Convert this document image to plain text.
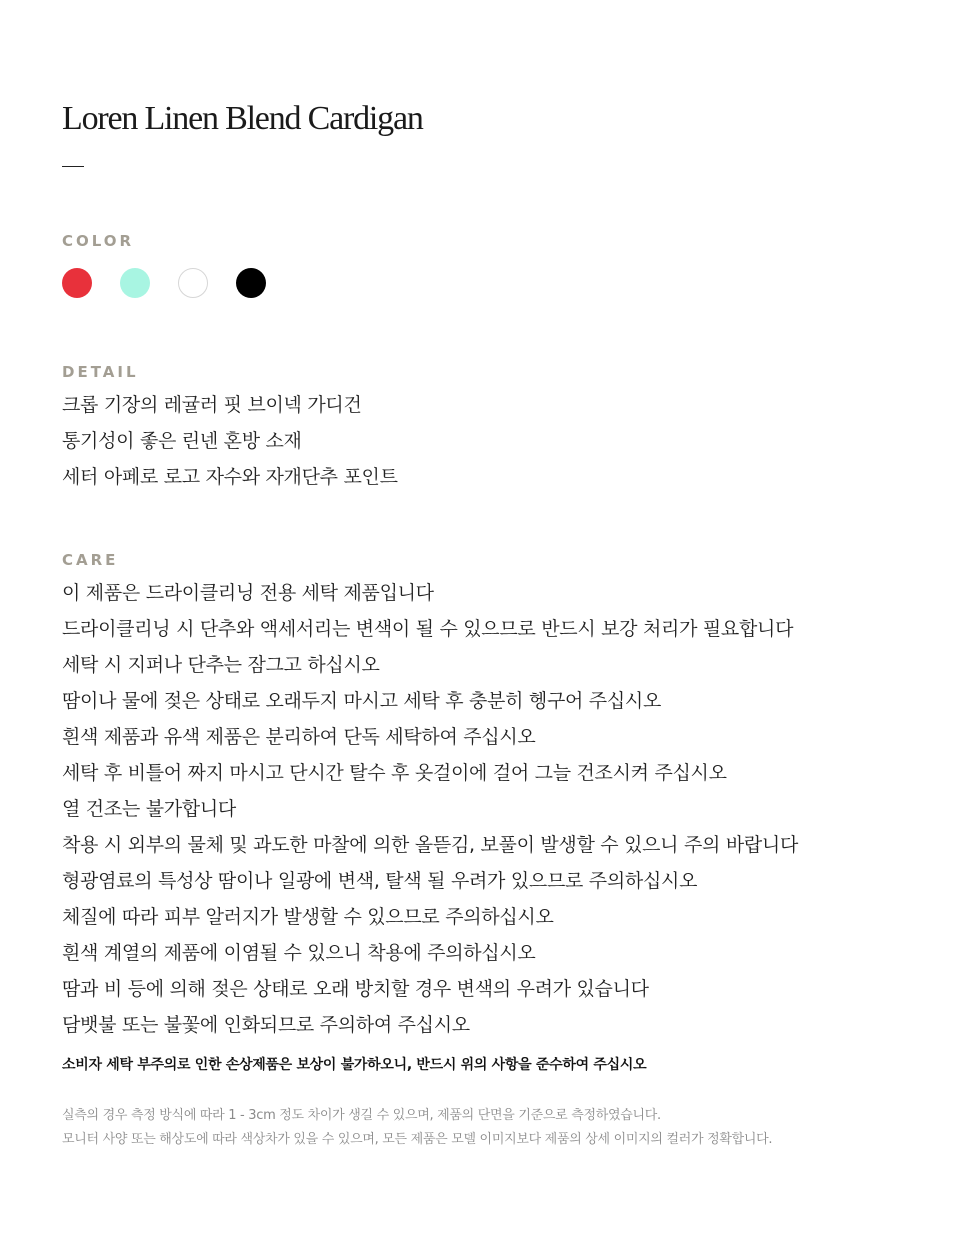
Loren Linen Blend Cardigan
COLOR
DETAIL
크롭 기장의 레귤러 핏 브이넥 가디건
통기성이 좋은 린넨 혼방 소재
세터 아페로 로고 자수와 자개단추 포인트
CARE
이 제품은 드라이클리닝 전용 세탁 제품입니다
드라이클리닝 시 단추와 액세서리는 변색이 될 수 있으므로 반드시 보강 처리가 필요합니다
세탁 시 지퍼나 단추는 잠그고 하십시오
땀이나 물에 젖은 상태로 오래두지 마시고 세탁 후 충분히 헹구어 주십시오
흰색 제품과 유색 제품은 분리하여 단독 세탁하여 주십시오
세탁 후 비틀어 짜지 마시고 단시간 탈수 후 옷걸이에 걸어 그늘 건조시켜 주십시오
열 건조는 불가합니다
착용 시 외부의 물체 및 과도한 마찰에 의한 올뜯김, 보풀이 발생할 수 있으니 주의 바랍니다
형광염료의 특성상 땀이나 일광에 변색, 탈색 될 우려가 있으므로 주의하십시오
체질에 따라 피부 알러지가 발생할 수 있으므로 주의하십시오
흰색 계열의 제품에 이염될 수 있으니 착용에 주의하십시오
땀과 비 등에 의해 젖은 상태로 오래 방치할 경우 변색의 우려가 있습니다
담뱃불 또는 불꽃에 인화되므로 주의하여 주십시오
소비자 세탁 부주의로 인한 손상제품은 보상이 불가하오니, 반드시 위의 사항을 준수하여 주십시오
실측의 경우 측정 방식에 따라 1 - 3cm 정도 차이가 생길 수 있으며, 제품의 단면을 기준으로 측정하였습니다.
모니터 사양 또는 해상도에 따라 색상차가 있을 수 있으며, 모든 제품은 모델 이미지보다 제품의 상세 이미지의 컬러가 정확합니다.
